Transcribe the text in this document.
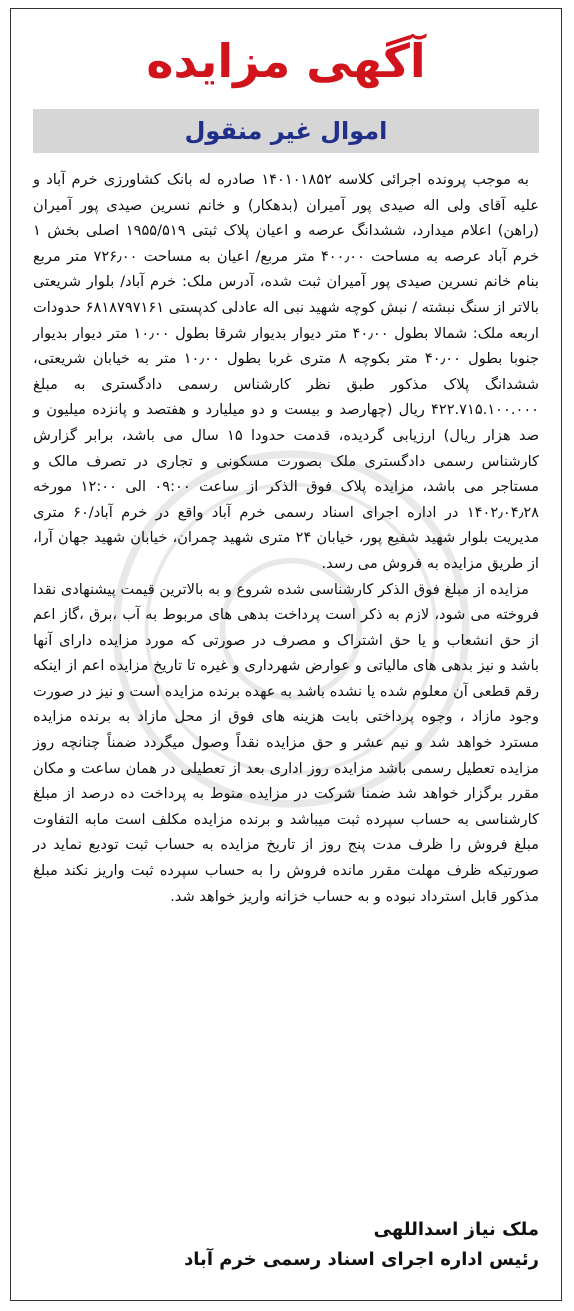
آگهی مزایده
اموال غیر منقول

به موجب پرونده اجرائی کلاسه ۱۴۰۱۰۱۸۵۲ صادره له بانک کشاورزی خرم آباد و علیه آقای ولی اله صیدی پور آمیران (بدهکار) و خانم نسرین صیدی پور آمیران (راهن) اعلام میدارد، ششدانگ عرصه و اعیان پلاک ثبتی ۱۹۵۵/۵۱۹ اصلی بخش ۱ خرم آباد عرصه به مساحت ۴۰۰٫۰۰ متر مربع/ اعیان به مساحت ۷۲۶٫۰۰ متر مربع بنام خانم نسرین صیدی پور آمیران ثبت شده، آدرس ملک: خرم آباد/ بلوار شریعتی بالاتر از سنگ نبشته / نبش کوچه شهید نبی اله عادلی کدپستی ۶۸۱۸۷۹۷۱۶۱ حدودات اربعه ملک: شمالا بطول ۴۰٫۰۰ متر دیوار بدیوار شرقا بطول ۱۰٫۰۰ متر دیوار بدیوار جنوبا بطول ۴۰٫۰۰ متر بکوچه ۸ متری غربا بطول ۱۰٫۰۰ متر به خیابان شریعتی، ششدانگ پلاک مذکور طبق نظر کارشناس رسمی دادگستری به مبلغ ۴۲۲.۷۱۵.۱۰۰.۰۰۰ ریال (چهارصد و بیست و دو میلیارد و هفتصد و پانزده میلیون و صد هزار ریال) ارزیابی گردیده، قدمت حدودا ۱۵ سال می باشد، برابر گزارش کارشناس رسمی دادگستری ملک بصورت مسکونی و تجاری در تصرف مالک و مستاجر می باشد، مزایده پلاک فوق الذکر از ساعت ۰۹:۰۰ الی ۱۲:۰۰ مورخه ۱۴۰۲٫۰۴٫۲۸ در اداره اجرای اسناد رسمی خرم آباد واقع در خرم آباد/۶۰ متری مدیریت بلوار شهید شفیع پور، خیابان ۲۴ متری شهید چمران، خیابان شهید جهان آرا، از طریق مزایده به فروش می رسد.

مزایده از مبلغ فوق الذکر کارشناسی شده شروع و به بالاترین قیمت پیشنهادی نقدا فروخته می شود، لازم به ذکر است پرداخت بدهی های مربوط به آب ،برق ،گاز اعم از حق انشعاب و یا حق اشتراک و مصرف در صورتی که مورد مزایده دارای آنها باشد و نیز بدهی های مالیاتی و عوارض شهرداری و غیره تا تاریخ مزایده اعم از اینکه رقم قطعی آن معلوم شده یا نشده باشد به عهده برنده مزایده است و نیز در صورت وجود مازاد ، وجوه پرداختی بابت هزینه های فوق از محل مازاد به برنده مزایده مسترد خواهد شد و نیم عشر و حق مزایده نقداً وصول میگردد ضمناً چنانچه روز مزایده تعطیل رسمی باشد مزایده روز اداری بعد از تعطیلی در همان ساعت و مکان مقرر برگزار خواهد شد ضمنا شرکت در مزایده منوط به پرداخت ده درصد از مبلغ کارشناسی به حساب سپرده ثبت میباشد و برنده مزایده مکلف است مابه التفاوت مبلغ فروش را ظرف مدت پنج روز از تاریخ مزایده به حساب ثبت تودیع نماید در صورتیکه ظرف مهلت مقرر مانده فروش را به حساب سپرده ثبت واریز نکند مبلغ مذکور قابل استرداد نبوده و به حساب خزانه واریز خواهد شد.

ملک نیاز اسداللهی
رئیس اداره اجرای اسناد رسمی خرم آباد
